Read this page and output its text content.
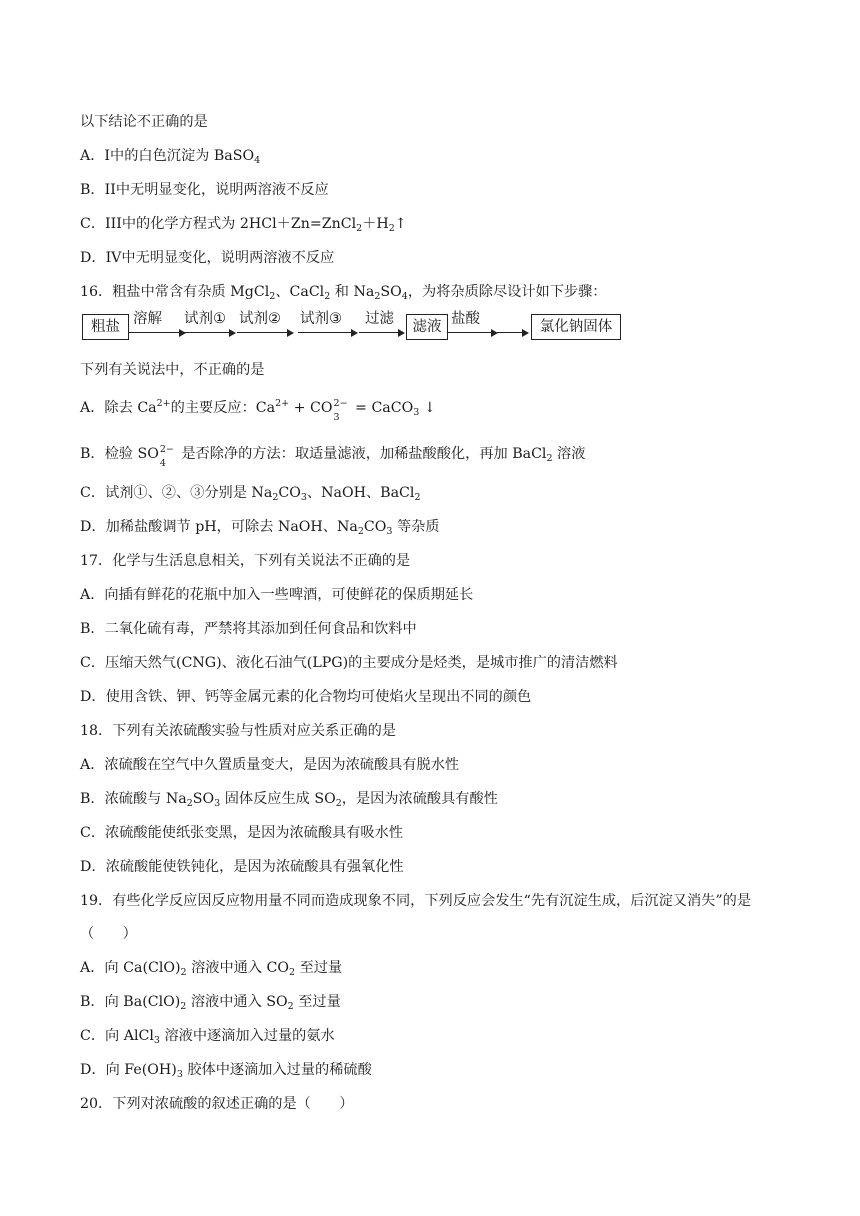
以下结论不正确的是
A．I中的白色沉淀为 BaSO$_4$
B．II中无明显变化，说明两溶液不反应
C．III中的化学方程式为 $2HCl+Zn=ZnCl_2+H_2↑$
D．IV中无明显变化，说明两溶液不反应
16．粗盐中常含有杂质 MgCl$_2$、CaCl$_2$ 和 $Na_2SO_4$，为将杂质除尽设计如下步骤：
粗盐 溶解 试剂① 试剂② 试剂③ 过滤	滤液 盐酸	氯化钠固体
下列有关说法中，不正确的是
A．除去 $Ca^{2+}$的主要反应：$Ca^{2+}$ + CO 2−
3
= CaCO$_3$ ↓
B．检验 SO 2−
4
是否除净的方法：取适量滤液，加稀盐酸酸化，再加 BaCl$_2$ 溶液
C．试剂①、②、③分别是 $Na_2CO_3$、NaOH、BaCl$_2$
D．加稀盐酸调节 pH，可除去 NaOH、$Na_2CO_3$ 等杂质
17．化学与生活息息相关，下列有关说法不正确的是
A．向插有鲜花的花瓶中加入一些啤酒，可使鲜花的保质期延长
B．二氧化硫有毒，严禁将其添加到任何食品和饮料中
C．压缩天然气(CNG)、液化石油气(LPG)的主要成分是烃类，是城市推广的清洁燃料
D．使用含铁、钾、钙等金属元素的化合物均可使焰火呈现出不同的颜色
18．下列有关浓硫酸实验与性质对应关系正确的是
A．浓硫酸在空气中久置质量变大，是因为浓硫酸具有脱水性
B．浓硫酸与 $Na_2SO_3$ 固体反应生成 $SO_2$，是因为浓硫酸具有酸性
C．浓硫酸能使纸张变黑，是因为浓硫酸具有吸水性
D．浓硫酸能使铁钝化，是因为浓硫酸具有强氧化性
19．有些化学反应因反应物用量不同而造成现象不同，下列反应会发生“先有沉淀生成，后沉淀又消失”的是
（　　）
A．向 $Ca(ClO)_2$ 溶液中通入 $CO_2$ 至过量
B．向 $Ba(ClO)_2$ 溶液中通入 $SO_2$ 至过量
C．向 AlCl$_3$ 溶液中逐滴加入过量的氨水
D．向 $Fe(OH)_3$ 胶体中逐滴加入过量的稀硫酸
20．下列对浓硫酸的叙述正确的是（　　）
